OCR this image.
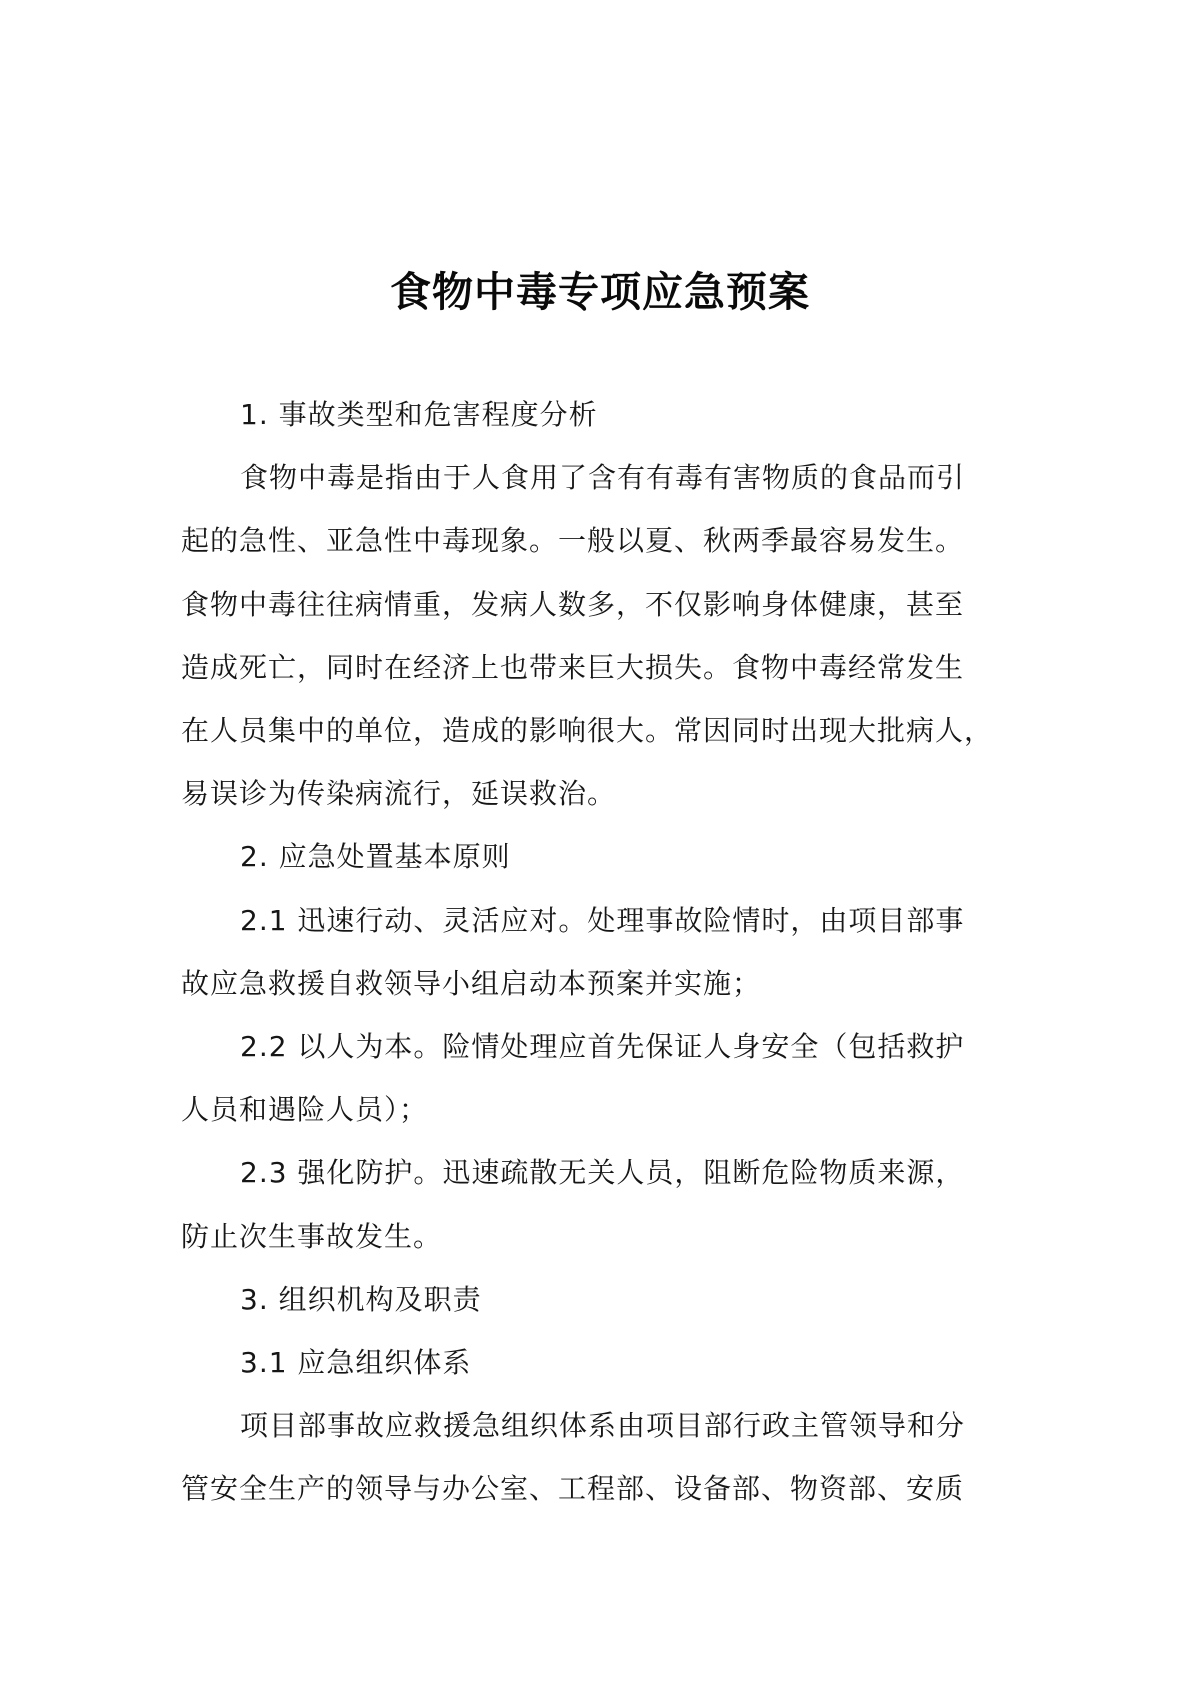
食物中毒专项应急预案

1. 事故类型和危害程度分析

食物中毒是指由于人食用了含有有毒有害物质的食品而引

起的急性、亚急性中毒现象。一般以夏、秋两季最容易发生。

食物中毒往往病情重，发病人数多，不仅影响身体健康，甚至

造成死亡，同时在经济上也带来巨大损失。食物中毒经常发生

在人员集中的单位，造成的影响很大。常因同时出现大批病人，

易误诊为传染病流行，延误救治。

2. 应急处置基本原则

2.1 迅速行动、灵活应对。处理事故险情时，由项目部事

故应急救援自救领导小组启动本预案并实施；

2.2 以人为本。险情处理应首先保证人身安全（包括救护

人员和遇险人员）；

2.3 强化防护。迅速疏散无关人员，阻断危险物质来源，

防止次生事故发生。

3. 组织机构及职责

3.1 应急组织体系

项目部事故应救援急组织体系由项目部行政主管领导和分

管安全生产的领导与办公室、工程部、设备部、物资部、安质
